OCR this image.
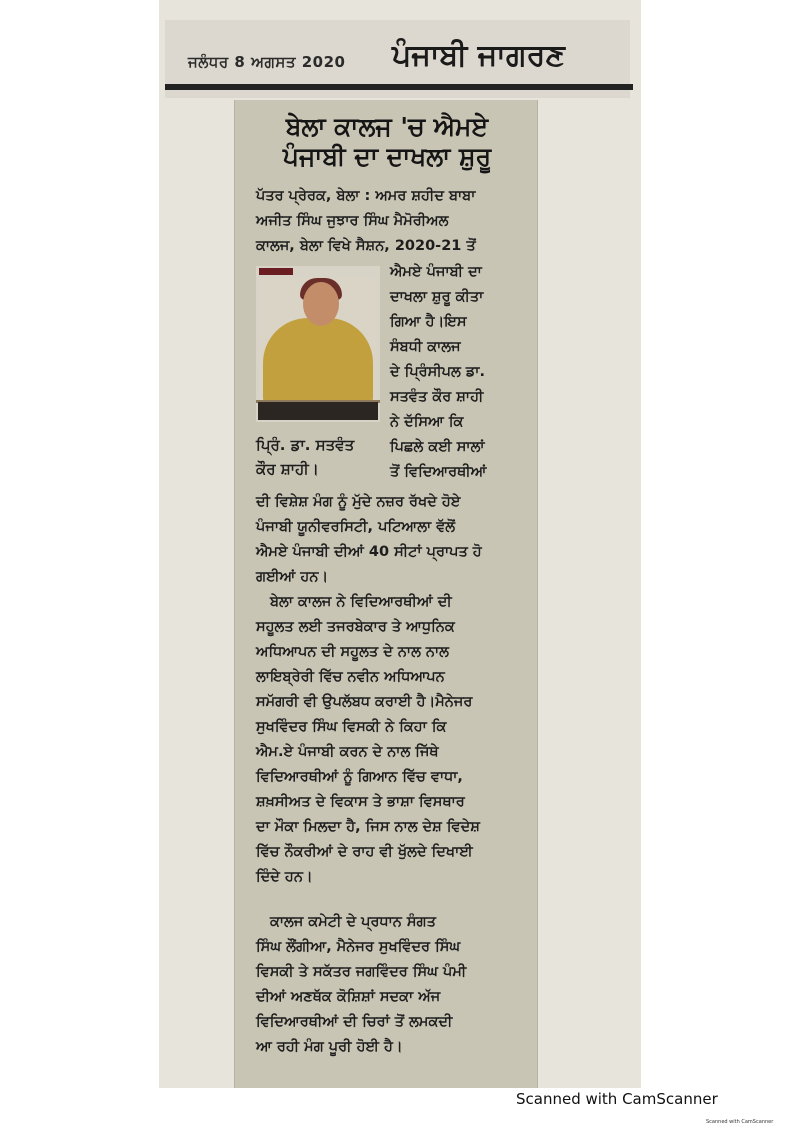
ਜਲੰਧਰ 8 ਅਗਸਤ 2020 ਪੰਜਾਬੀ ਜਾਗਰਣ
ਬੇਲਾ ਕਾਲਜ 'ਚ ਐਮਏ
ਪੰਜਾਬੀ ਦਾ ਦਾਖਲਾ ਸ਼ੁਰੂ
ਪੱਤਰ ਪ੍ਰੇਰਕ, ਬੇਲਾ : ਅਮਰ ਸ਼ਹੀਦ ਬਾਬਾ
ਅਜੀਤ ਸਿੰਘ ਜੁਝਾਰ ਸਿੰਘ ਮੈਮੋਰੀਅਲ
ਕਾਲਜ, ਬੇਲਾ ਵਿਖੇ ਸੈਸ਼ਨ, 2020-21 ਤੋਂ
ਐਮਏ ਪੰਜਾਬੀ ਦਾ
ਦਾਖਲਾ ਸ਼ੁਰੂ ਕੀਤਾ
ਗਿਆ ਹੈ।ਇਸ
ਸੰਬਧੀ ਕਾਲਜ
ਦੇ ਪ੍ਰਿੰਸੀਪਲ ਡਾ.
ਸਤਵੰਤ ਕੌਰ ਸ਼ਾਹੀ
ਨੇ ਦੱਸਿਆ ਕਿ
ਪਿਛਲੇ ਕਈ ਸਾਲਾਂ
ਤੋਂ ਵਿਦਿਆਰਥੀਆਂ
ਪ੍ਰਿੰ. ਡਾ. ਸਤਵੰਤ
ਕੌਰ ਸ਼ਾਹੀ।
ਦੀ ਵਿਸ਼ੇਸ਼ ਮੰਗ ਨੂੰ ਮੁੱਦੇ ਨਜ਼ਰ ਰੱਖਦੇ ਹੋਏ
ਪੰਜਾਬੀ ਯੂਨੀਵਰਸਿਟੀ, ਪਟਿਆਲਾ ਵੱਲੋਂ
ਐਮਏ ਪੰਜਾਬੀ ਦੀਆਂ 40 ਸੀਟਾਂ ਪ੍ਰਾਪਤ ਹੋ
ਗਈਆਂ ਹਨ।
ਬੇਲਾ ਕਾਲਜ ਨੇ ਵਿਦਿਆਰਥੀਆਂ ਦੀ
ਸਹੂਲਤ ਲਈ ਤਜਰਬੇਕਾਰ ਤੇ ਆਧੁਨਿਕ
ਅਧਿਆਪਨ ਦੀ ਸਹੂਲਤ ਦੇ ਨਾਲ ਨਾਲ
ਲਾਇਬ੍ਰੇਰੀ ਵਿੱਚ ਨਵੀਨ ਅਧਿਆਪਨ
ਸਮੱਗਰੀ ਵੀ ਉਪਲੱਬਧ ਕਰਾਈ ਹੈ।ਮੈਨੇਜਰ
ਸੁਖਵਿੰਦਰ ਸਿੰਘ ਵਿਸਕੀ ਨੇ ਕਿਹਾ ਕਿ
ਐਮ.ਏ ਪੰਜਾਬੀ ਕਰਨ ਦੇ ਨਾਲ ਜਿੱਥੇ
ਵਿਦਿਆਰਥੀਆਂ ਨੂੰ ਗਿਆਨ ਵਿੱਚ ਵਾਧਾ,
ਸ਼ਖ਼ਸੀਅਤ ਦੇ ਵਿਕਾਸ ਤੇ ਭਾਸ਼ਾ ਵਿਸਥਾਰ
ਦਾ ਮੌਕਾ ਮਿਲਦਾ ਹੈ, ਜਿਸ ਨਾਲ ਦੇਸ਼ ਵਿਦੇਸ਼
ਵਿੱਚ ਨੌਕਰੀਆਂ ਦੇ ਰਾਹ ਵੀ ਖੁੱਲਦੇ ਦਿਖਾਈ
ਦਿੰਦੇ ਹਨ।
ਕਾਲਜ ਕਮੇਟੀ ਦੇ ਪ੍ਰਧਾਨ ਸੰਗਤ
ਸਿੰਘ ਲੌਂਗੀਆ, ਮੈਨੇਜਰ ਸੁਖਵਿੰਦਰ ਸਿੰਘ
ਵਿਸਕੀ ਤੇ ਸਕੱਤਰ ਜਗਵਿੰਦਰ ਸਿੰਘ ਪੰਮੀ
ਦੀਆਂ ਅਣਥੱਕ ਕੋਸ਼ਿਸ਼ਾਂ ਸਦਕਾ ਅੱਜ
ਵਿਦਿਆਰਥੀਆਂ ਦੀ ਚਿਰਾਂ ਤੋਂ ਲਮਕਦੀ
ਆ ਰਹੀ ਮੰਗ ਪੂਰੀ ਹੋਈ ਹੈ।
Scanned with CamScanner
Scanned with CamScanner
